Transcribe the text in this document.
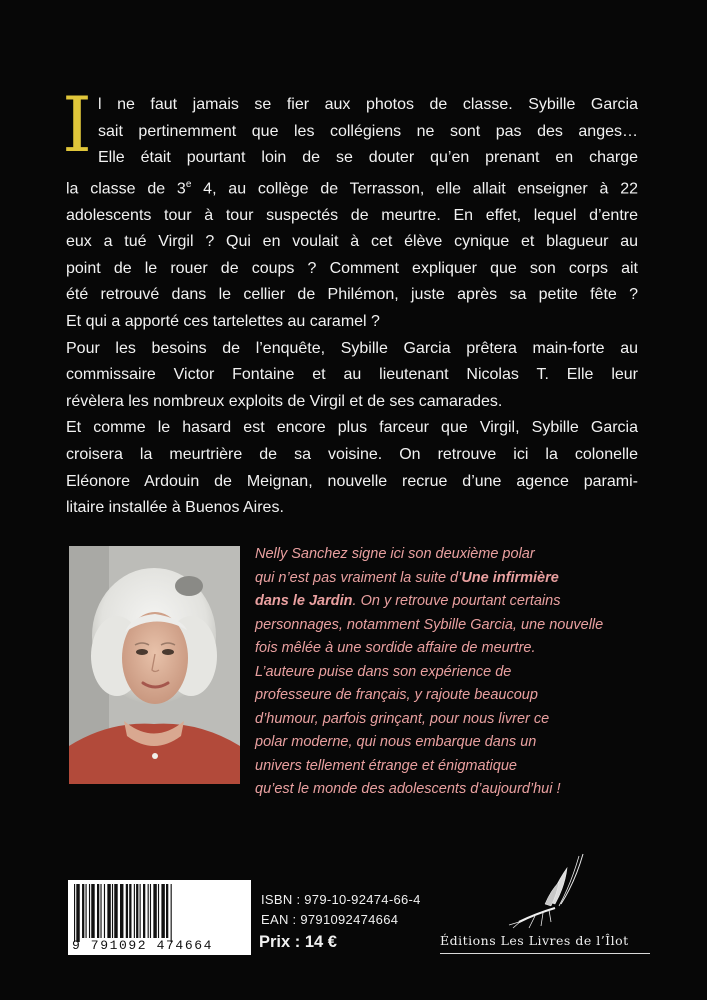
I l ne faut jamais se fier aux photos de classe. Sybille Garcia

sait pertinemment que les collégiens ne sont pas des anges…

Elle était pourtant loin de se douter qu’en prenant en charge

la classe de 3e 4, au collège de Terrasson, elle allait enseigner à 22

adolescents tour à tour suspectés de meurtre. En effet, lequel d’entre

eux a tué Virgil ? Qui en voulait à cet élève cynique et blagueur au

point de le rouer de coups ? Comment expliquer que son corps ait

été retrouvé dans le cellier de Philémon, juste après sa petite fête ?

Et qui a apporté ces tartelettes au caramel ?

Pour les besoins de l’enquête, Sybille Garcia prêtera main-forte au

commissaire Victor Fontaine et au lieutenant Nicolas T. Elle leur

révèlera les nombreux exploits de Virgil et de ses camarades.

Et comme le hasard est encore plus farceur que Virgil, Sybille Garcia

croisera la meurtrière de sa voisine. On retrouve ici la colonelle

Eléonore Ardouin de Meignan, nouvelle recrue d’une agence parami-

litaire installée à Buenos Aires.

Nelly Sanchez signe ici son deuxième polar

qui n’est pas vraiment la suite d’Une infirmière

dans le Jardin. On y retrouve pourtant certains

personnages, notamment Sybille Garcia, une nouvelle

fois mêlée à une sordide affaire de meurtre.

L’auteure puise dans son expérience de

professeure de français, y rajoute beaucoup

d’humour, parfois grinçant, pour nous livrer ce

polar moderne, qui nous embarque dans un

univers tellement étrange et énigmatique

qu’est le monde des adolescents d’aujourd’hui !

9 791092 474664
ISBN : 979-10-92474-66-4
EAN : 9791092474664
Prix : 14 €	Éditions Les Livres de l’Îlot
